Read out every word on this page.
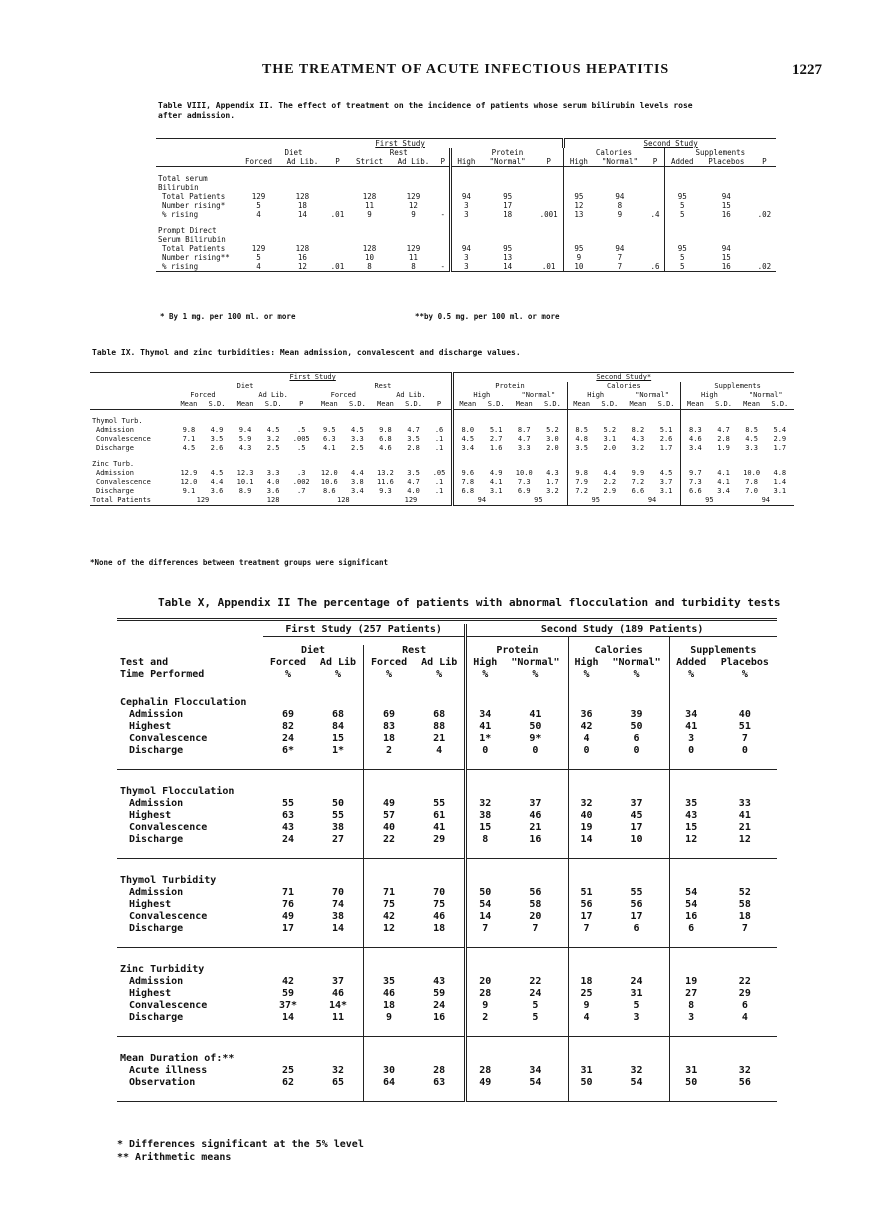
THE TREATMENT OF ACUTE INFECTIOUS HEPATITIS	1227
Table VIII, Appendix II. The effect of treatment on the incidence of patients whose serum bilirubin levels rose after admission.
	First Study									Second Study					
	Diet			Rest			Protein			Calories			Supplements		
	Forced	Ad Lib.	P	Strict	Ad Lib.	P	High	"Normal"	P	High	"Normal"	P	Added	Placebos	P

Total serum															
Bilirubin															
Total Patients	129	128		128	129		94	95		95	94		95	94	
Number rising*	5	18		11	12		3	17		12	8		5	15	
% rising	4	14	.01	9	9	-	3	18	.001	13	9	.4	5	16	.02

Prompt Direct															
Serum Bilirubin															
Total Patients	129	128		128	129		94	95		95	94		95	94	
Number rising**	5	16		10	11		3	13		9	7		5	15	
% rising	4	12	.01	8	8	-	3	14	.01	10	7	.6	5	16	.02
* By 1 mg. per 100 ml. or more	**by 0.5 mg. per 100 ml. or more
Table IX. Thymol and zinc turbidities: Mean admission, convalescent and discharge values.
	First Study										Second Study*											
	Diet					Rest					Protein				Calories				Supplements			
	Forced		Ad Lib.			Forced		Ad Lib.			High		"Normal"		High		"Normal"		High		"Normal"	
	Mean	S.D.	Mean	S.D.	P	Mean	S.D.	Mean	S.D.	P	Mean	S.D.	Mean	S.D.	Mean	S.D.	Mean	S.D.	Mean	S.D.	Mean	S.D.

Thymol Turb.																						
Admission	9.8	4.9	9.4	4.5	.5	9.5	4.5	9.8	4.7	.6	8.0	5.1	8.7	5.2	8.5	5.2	8.2	5.1	8.3	4.7	8.5	5.4
Convalescence	7.1	3.5	5.9	3.2	.005	6.3	3.3	6.8	3.5	.1	4.5	2.7	4.7	3.0	4.8	3.1	4.3	2.6	4.6	2.8	4.5	2.9
Discharge	4.5	2.6	4.3	2.5	.5	4.1	2.5	4.6	2.8	.1	3.4	1.6	3.3	2.0	3.5	2.0	3.2	1.7	3.4	1.9	3.3	1.7

Zinc Turb.																						
Admission	12.9	4.5	12.3	3.3	.3	12.0	4.4	13.2	3.5	.05	9.6	4.9	10.0	4.3	9.8	4.4	9.9	4.5	9.7	4.1	10.0	4.8
Convalescence	12.0	4.4	10.1	4.0	.002	10.6	3.8	11.6	4.7	.1	7.8	4.1	7.3	1.7	7.9	2.2	7.2	3.7	7.3	4.1	7.8	1.4
Discharge	9.1	3.6	8.9	3.6	.7	8.6	3.4	9.3	4.0	.1	6.8	3.1	6.9	3.2	7.2	2.9	6.6	3.1	6.6	3.4	7.0	3.1
Total Patients	129		128			128		129			94		95		95		94		95		94	
*None of the differences between treatment groups were significant
Table X, Appendix II The percentage of patients with abnormal flocculation and turbidity tests
	First Study (257 Patients)				Second Study (189 Patients)					

	Diet		Rest		Protein		Calories		Supplements	
Test and	Forced	Ad Lib	Forced	Ad Lib	High	"Normal"	High	"Normal"	Added	Placebos
Time Performed	%	%	%	%	%	%	%	%	%	%

Cephalin Flocculation										
Admission	69	68	69	68	34	41	36	39	34	40
Highest	82	84	83	88	41	50	42	50	41	51
Convalescence	24	15	18	21	1*	9*	4	6	3	7
Discharge	6*	1*	2	4	0	0	0	0	0	0

Thymol Flocculation										
Admission	55	50	49	55	32	37	32	37	35	33
Highest	63	55	57	61	38	46	40	45	43	41
Convalescence	43	38	40	41	15	21	19	17	15	21
Discharge	24	27	22	29	8	16	14	10	12	12

Thymol Turbidity										
Admission	71	70	71	70	50	56	51	55	54	52
Highest	76	74	75	75	54	58	56	56	54	58
Convalescence	49	38	42	46	14	20	17	17	16	18
Discharge	17	14	12	18	7	7	7	6	6	7

Zinc Turbidity										
Admission	42	37	35	43	20	22	18	24	19	22
Highest	59	46	46	59	28	24	25	31	27	29
Convalescence	37*	14*	18	24	9	5	9	5	8	6
Discharge	14	11	9	16	2	5	4	3	3	4

Mean Duration of:**										
Acute illness	25	32	30	28	28	34	31	32	31	32
Observation	62	65	64	63	49	54	50	54	50	56

* Differences significant at the 5% level
** Arithmetic means
